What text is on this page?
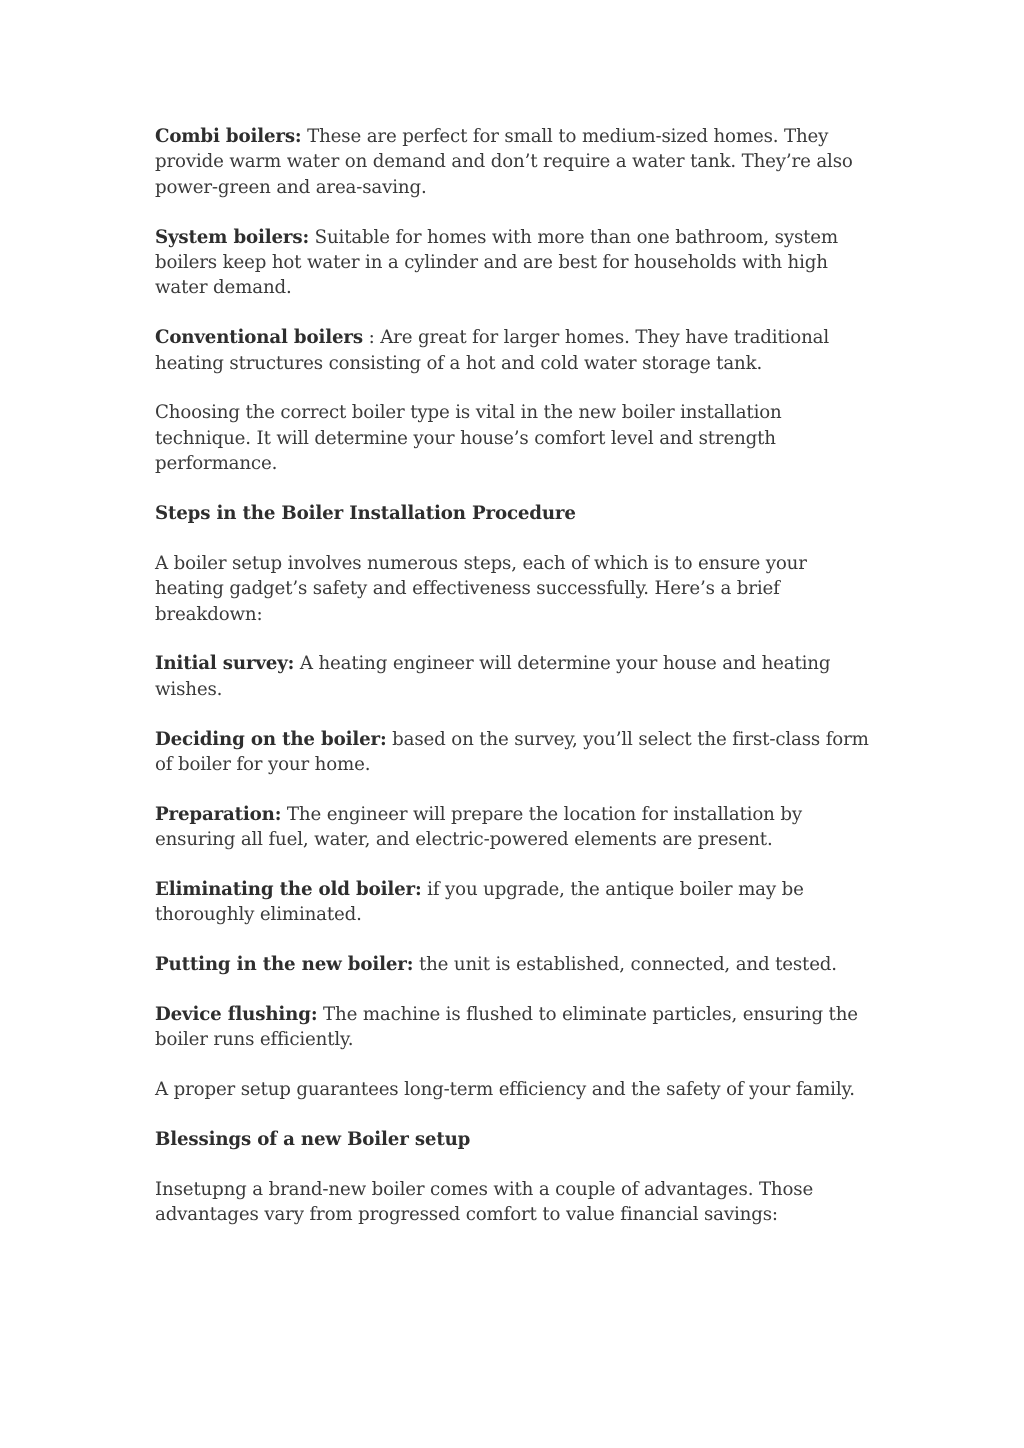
Combi boilers: These are perfect for small to medium-sized homes. They provide warm water on demand and don’t require a water tank. They’re also power-green and area-saving.

System boilers: Suitable for homes with more than one bathroom, system boilers keep hot water in a cylinder and are best for households with high water demand.

Conventional boilers : Are great for larger homes. They have traditional heating structures consisting of a hot and cold water storage tank.

Choosing the correct boiler type is vital in the new boiler installation technique. It will determine your house’s comfort level and strength performance.

Steps in the Boiler Installation Procedure

A boiler setup involves numerous steps, each of which is to ensure your heating gadget’s safety and effectiveness successfully. Here’s a brief breakdown:

Initial survey: A heating engineer will determine your house and heating wishes.

Deciding on the boiler: based on the survey, you’ll select the first-class form of boiler for your home.

Preparation: The engineer will prepare the location for installation by ensuring all fuel, water, and electric-powered elements are present.

Eliminating the old boiler: if you upgrade, the antique boiler may be thoroughly eliminated.

Putting in the new boiler: the unit is established, connected, and tested.

Device flushing: The machine is flushed to eliminate particles, ensuring the boiler runs efficiently.

A proper setup guarantees long-term efficiency and the safety of your family.

Blessings of a new Boiler setup

Insetupng a brand-new boiler comes with a couple of advantages. Those advantages vary from progressed comfort to value financial savings:
